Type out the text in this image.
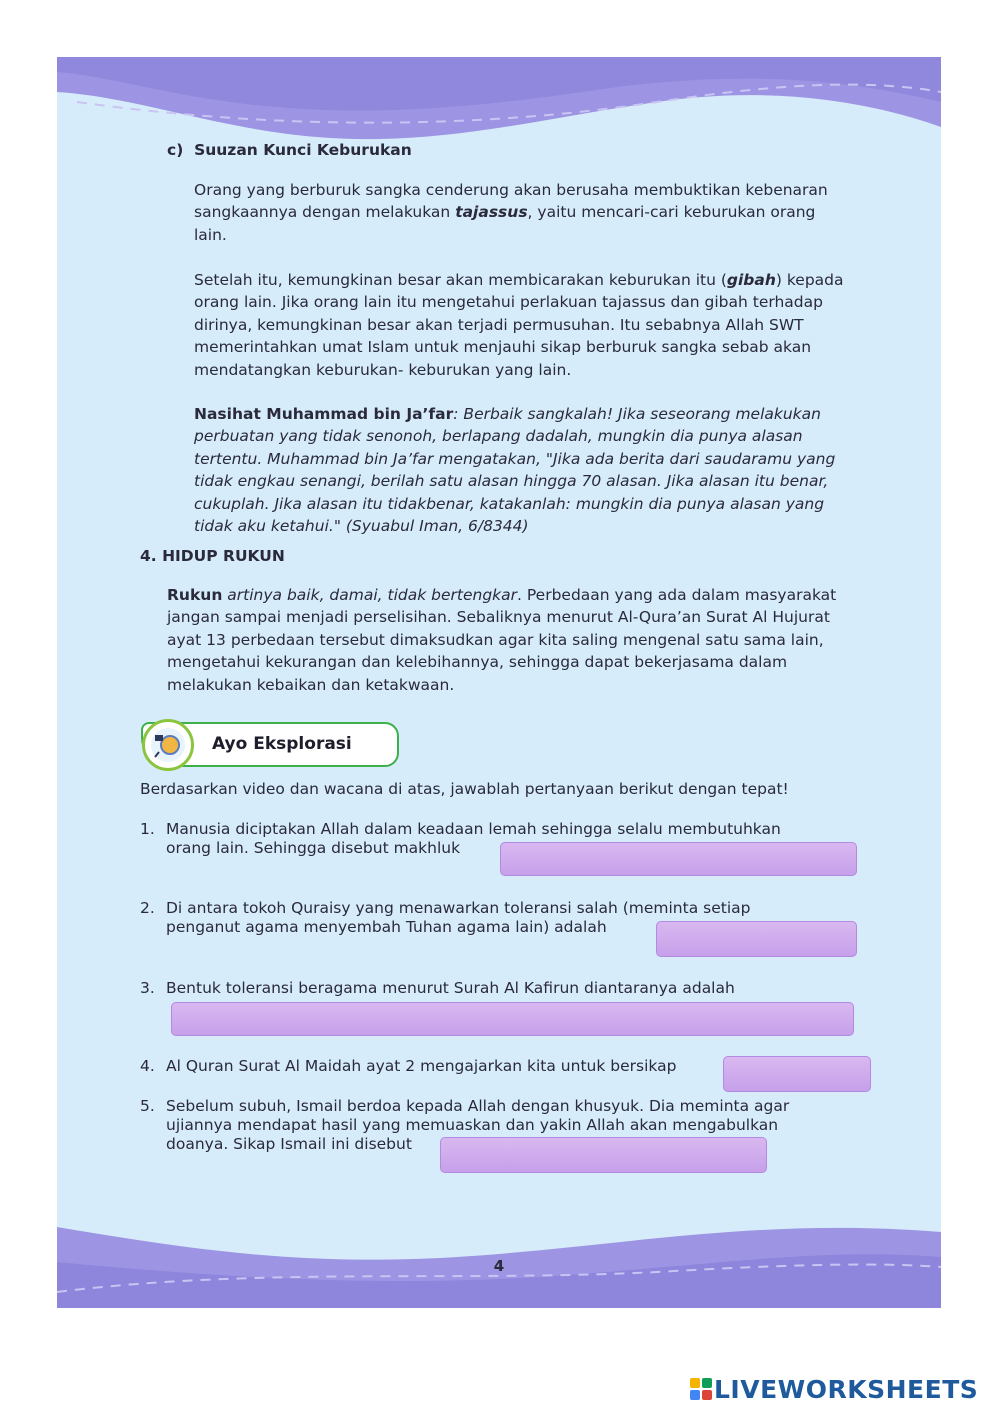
c) Suuzan Kunci Keburukan

Orang yang berburuk sangka cenderung akan berusaha membuktikan kebenaran sangkaannya dengan melakukan tajassus, yaitu mencari-cari keburukan orang lain.

Setelah itu, kemungkinan besar akan membicarakan keburukan itu (gibah) kepada orang lain. Jika orang lain itu mengetahui perlakuan tajassus dan gibah terhadap dirinya, kemungkinan besar akan terjadi permusuhan. Itu sebabnya Allah SWT memerintahkan umat Islam untuk menjauhi sikap berburuk sangka sebab akan mendatangkan keburukan- keburukan yang lain.

Nasihat Muhammad bin Ja’far: Berbaik sangkalah! Jika seseorang melakukan perbuatan yang tidak senonoh, berlapang dadalah, mungkin dia punya alasan tertentu. Muhammad bin Ja’far mengatakan, "Jika ada berita dari saudaramu yang tidak engkau senangi, berilah satu alasan hingga 70 alasan. Jika alasan itu benar, cukuplah. Jika alasan itu tidakbenar, katakanlah: mungkin dia punya alasan yang tidak aku ketahui." (Syuabul Iman, 6/8344)

4. HIDUP RUKUN

Rukun artinya baik, damai, tidak bertengkar. Perbedaan yang ada dalam masyarakat jangan sampai menjadi perselisihan. Sebaliknya menurut Al-Qura’an Surat Al Hujurat ayat 13 perbedaan tersebut dimaksudkan agar kita saling mengenal satu sama lain, mengetahui kekurangan dan kelebihannya, sehingga dapat bekerjasama dalam melakukan kebaikan dan ketakwaan.

Ayo Eksplorasi
Berdasarkan video dan wacana di atas, jawablah pertanyaan berikut dengan tepat!
1. Manusia diciptakan Allah dalam keadaan lemah sehingga selalu membutuhkan
orang lain. Sehingga disebut makhluk
2. Di antara tokoh Quraisy yang menawarkan toleransi salah (meminta setiap
penganut agama menyembah Tuhan agama lain) adalah
3. Bentuk toleransi beragama menurut Surah Al Kafirun diantaranya adalah
4. Al Quran Surat Al Maidah ayat 2 mengajarkan kita untuk bersikap
5. Sebelum subuh, Ismail berdoa kepada Allah dengan khusyuk. Dia meminta agar
ujiannya mendapat hasil yang memuaskan dan yakin Allah akan mengabulkan
doanya. Sikap Ismail ini disebut
4
LIVEWORKSHEETS
